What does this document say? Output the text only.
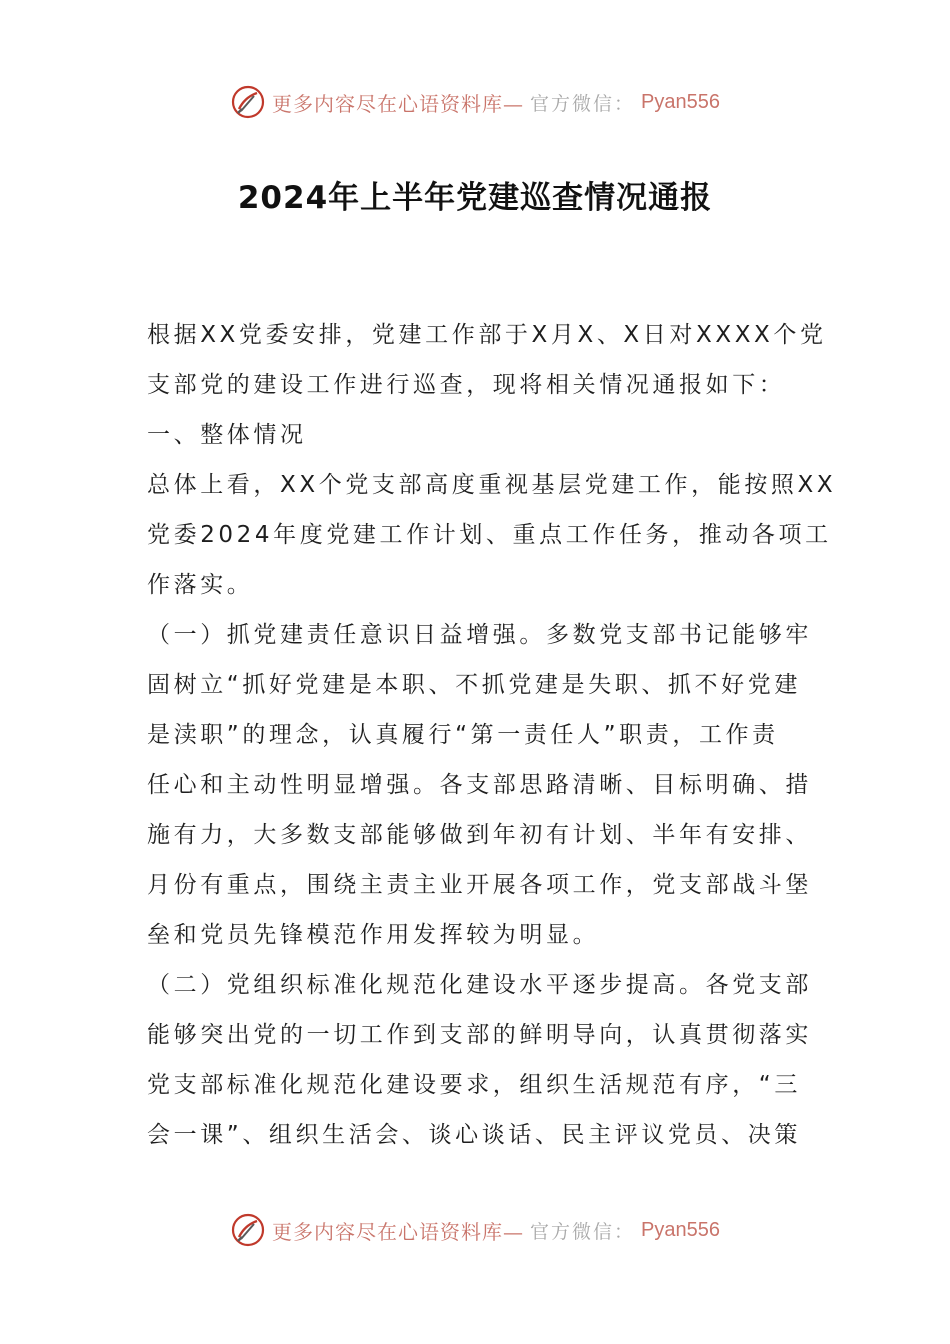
更多内容尽在心语资料库— 官方微信： Pyan556
2024年上半年党建巡查情况通报
根据XX党委安排，党建工作部于X月X、X日对XXXX个党
支部党的建设工作进行巡查，现将相关情况通报如下：
一、整体情况
总体上看，XX个党支部高度重视基层党建工作，能按照XX
党委2024年度党建工作计划、重点工作任务，推动各项工
作落实。
（一）抓党建责任意识日益增强。多数党支部书记能够牢
固树立“抓好党建是本职、不抓党建是失职、抓不好党建
是渎职”的理念，认真履行“第一责任人”职责，工作责
任心和主动性明显增强。各支部思路清晰、目标明确、措
施有力，大多数支部能够做到年初有计划、半年有安排、
月份有重点，围绕主责主业开展各项工作，党支部战斗堡
垒和党员先锋模范作用发挥较为明显。
（二）党组织标准化规范化建设水平逐步提高。各党支部
能够突出党的一切工作到支部的鲜明导向，认真贯彻落实
党支部标准化规范化建设要求，组织生活规范有序，“三
会一课”、组织生活会、谈心谈话、民主评议党员、决策
更多内容尽在心语资料库— 官方微信： Pyan556
